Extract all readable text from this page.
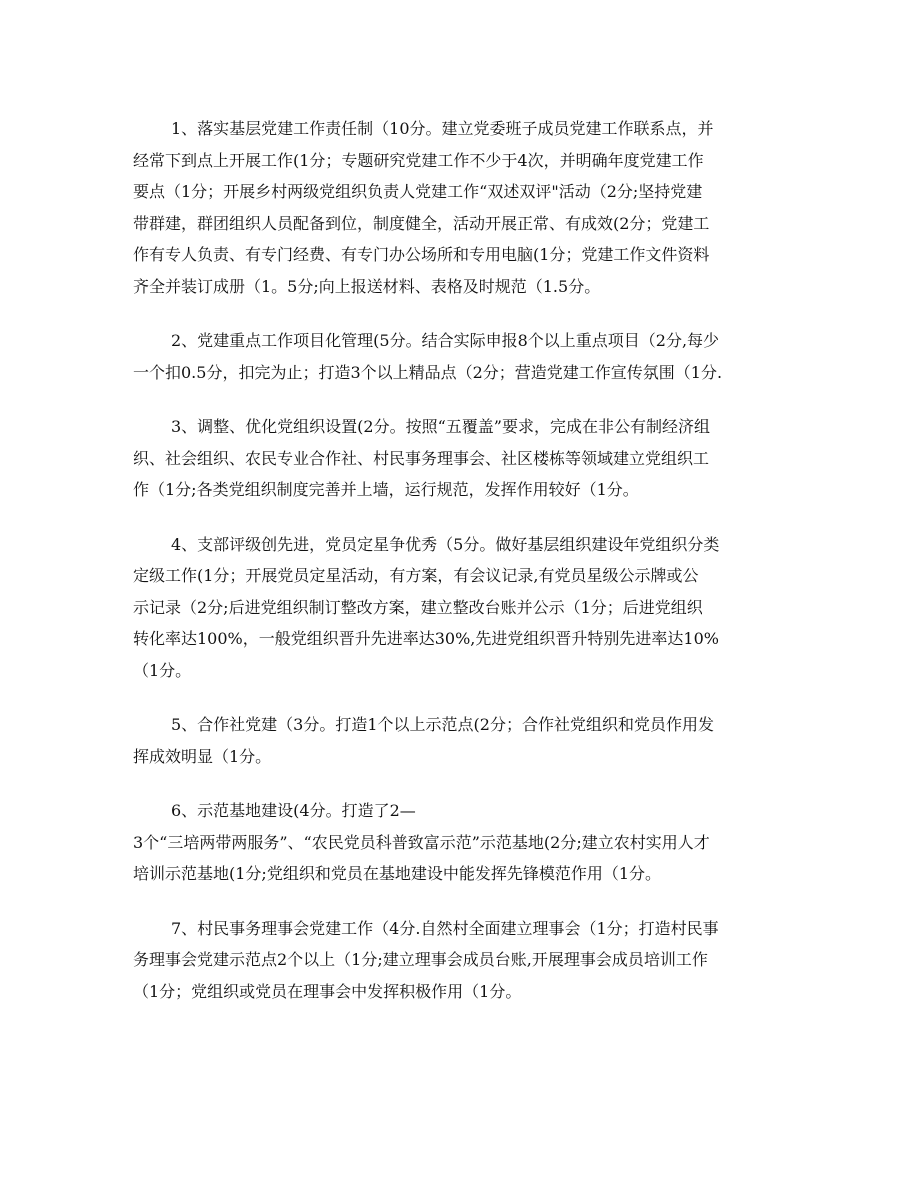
1、落实基层党建工作责任制（10分。建立党委班子成员党建工作联系点，并
经常下到点上开展工作(1分；专题研究党建工作不少于4次，并明确年度党建工作
要点（1分；开展乡村两级党组织负责人党建工作“双述双评"活动（2分;坚持党建
带群建，群团组织人员配备到位，制度健全，活动开展正常、有成效(2分；党建工
作有专人负责、有专门经费、有专门办公场所和专用电脑(1分；党建工作文件资料
齐全并装订成册（1。5分;向上报送材料、表格及时规范（1.5分。

2、党建重点工作项目化管理(5分。结合实际申报8个以上重点项目（2分,每少
一个扣0.5分，扣完为止；打造3个以上精品点（2分；营造党建工作宣传氛围（1分.

3、调整、优化党组织设置(2分。按照“五覆盖”要求，完成在非公有制经济组
织、社会组织、农民专业合作社、村民事务理事会、社区楼栋等领域建立党组织工
作（1分;各类党组织制度完善并上墙，运行规范，发挥作用较好（1分。

4、支部评级创先进，党员定星争优秀（5分。做好基层组织建设年党组织分类
定级工作(1分；开展党员定星活动，有方案，有会议记录,有党员星级公示牌或公
示记录（2分;后进党组织制订整改方案，建立整改台账并公示（1分；后进党组织
转化率达100%，一般党组织晋升先进率达30%,先进党组织晋升特别先进率达10%
（1分。

5、合作社党建（3分。打造1个以上示范点(2分；合作社党组织和党员作用发
挥成效明显（1分。

6、示范基地建设(4分。打造了2—
3个“三培两带两服务”、“农民党员科普致富示范”示范基地(2分;建立农村实用人才
培训示范基地(1分;党组织和党员在基地建设中能发挥先锋模范作用（1分。

7、村民事务理事会党建工作（4分.自然村全面建立理事会（1分；打造村民事
务理事会党建示范点2个以上（1分;建立理事会成员台账,开展理事会成员培训工作
（1分；党组织或党员在理事会中发挥积极作用（1分。
